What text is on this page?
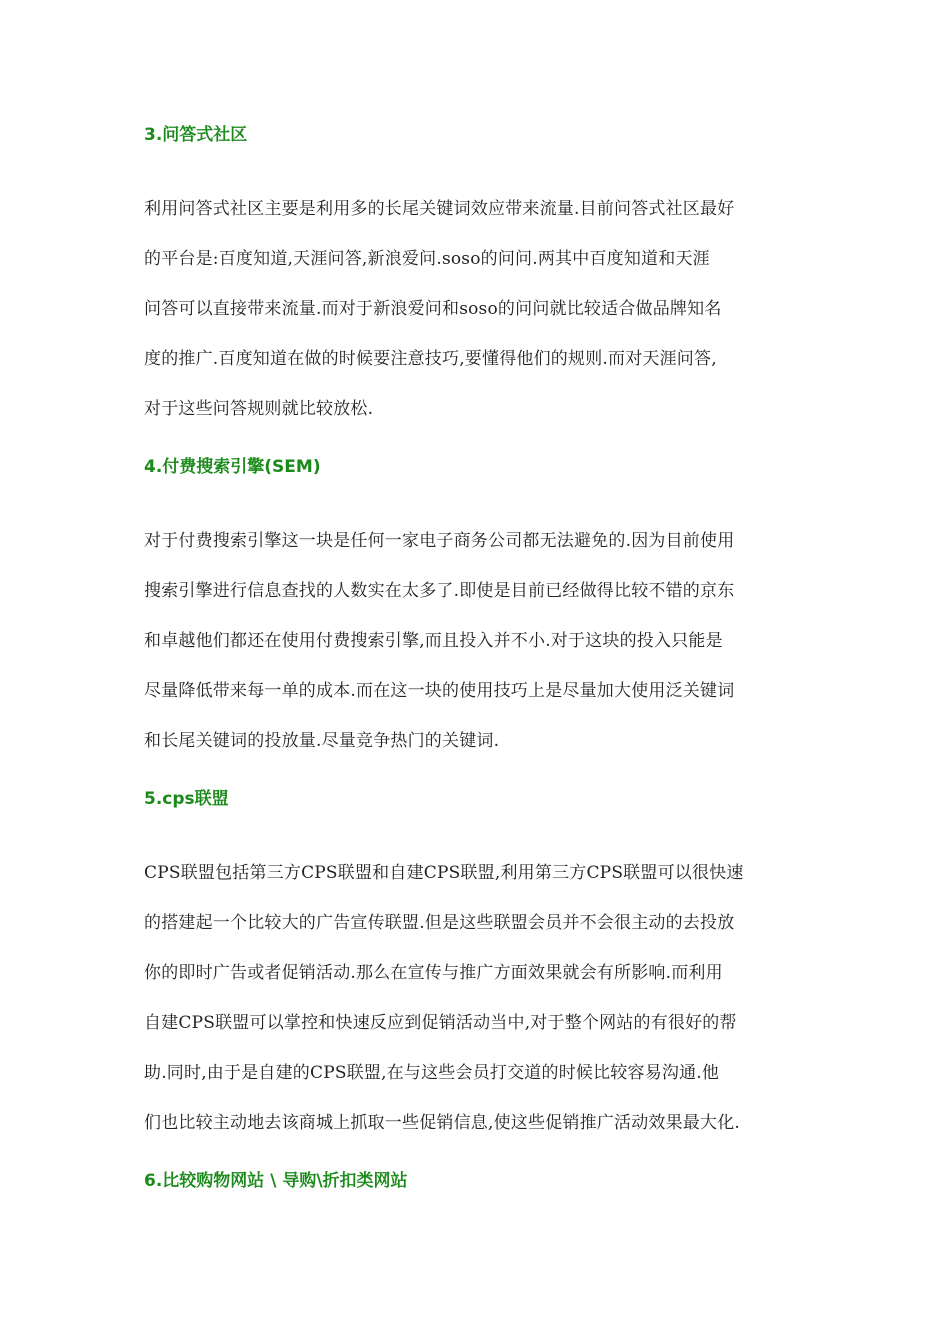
3.问答式社区
利用问答式社区主要是利用多的长尾关键词效应带来流量.目前问答式社区最好
的平台是:百度知道,天涯问答,新浪爱问.soso的问问.两其中百度知道和天涯
问答可以直接带来流量.而对于新浪爱问和soso的问问就比较适合做品牌知名
度的推广.百度知道在做的时候要注意技巧,要懂得他们的规则.而对天涯问答,
对于这些问答规则就比较放松.
4.付费搜索引擎(SEM)
对于付费搜索引擎这一块是任何一家电子商务公司都无法避免的.因为目前使用
搜索引擎进行信息查找的人数实在太多了.即使是目前已经做得比较不错的京东
和卓越他们都还在使用付费搜索引擎,而且投入并不小.对于这块的投入只能是
尽量降低带来每一单的成本.而在这一块的使用技巧上是尽量加大使用泛关键词
和长尾关键词的投放量.尽量竞争热门的关键词.
5.cps联盟
CPS联盟包括第三方CPS联盟和自建CPS联盟,利用第三方CPS联盟可以很快速
的搭建起一个比较大的广告宣传联盟.但是这些联盟会员并不会很主动的去投放
你的即时广告或者促销活动.那么在宣传与推广方面效果就会有所影响.而利用
自建CPS联盟可以掌控和快速反应到促销活动当中,对于整个网站的有很好的帮
助.同时,由于是自建的CPS联盟,在与这些会员打交道的时候比较容易沟通.他
们也比较主动地去该商城上抓取一些促销信息,使这些促销推广活动效果最大化.
6.比较购物网站 \ 导购\折扣类网站
